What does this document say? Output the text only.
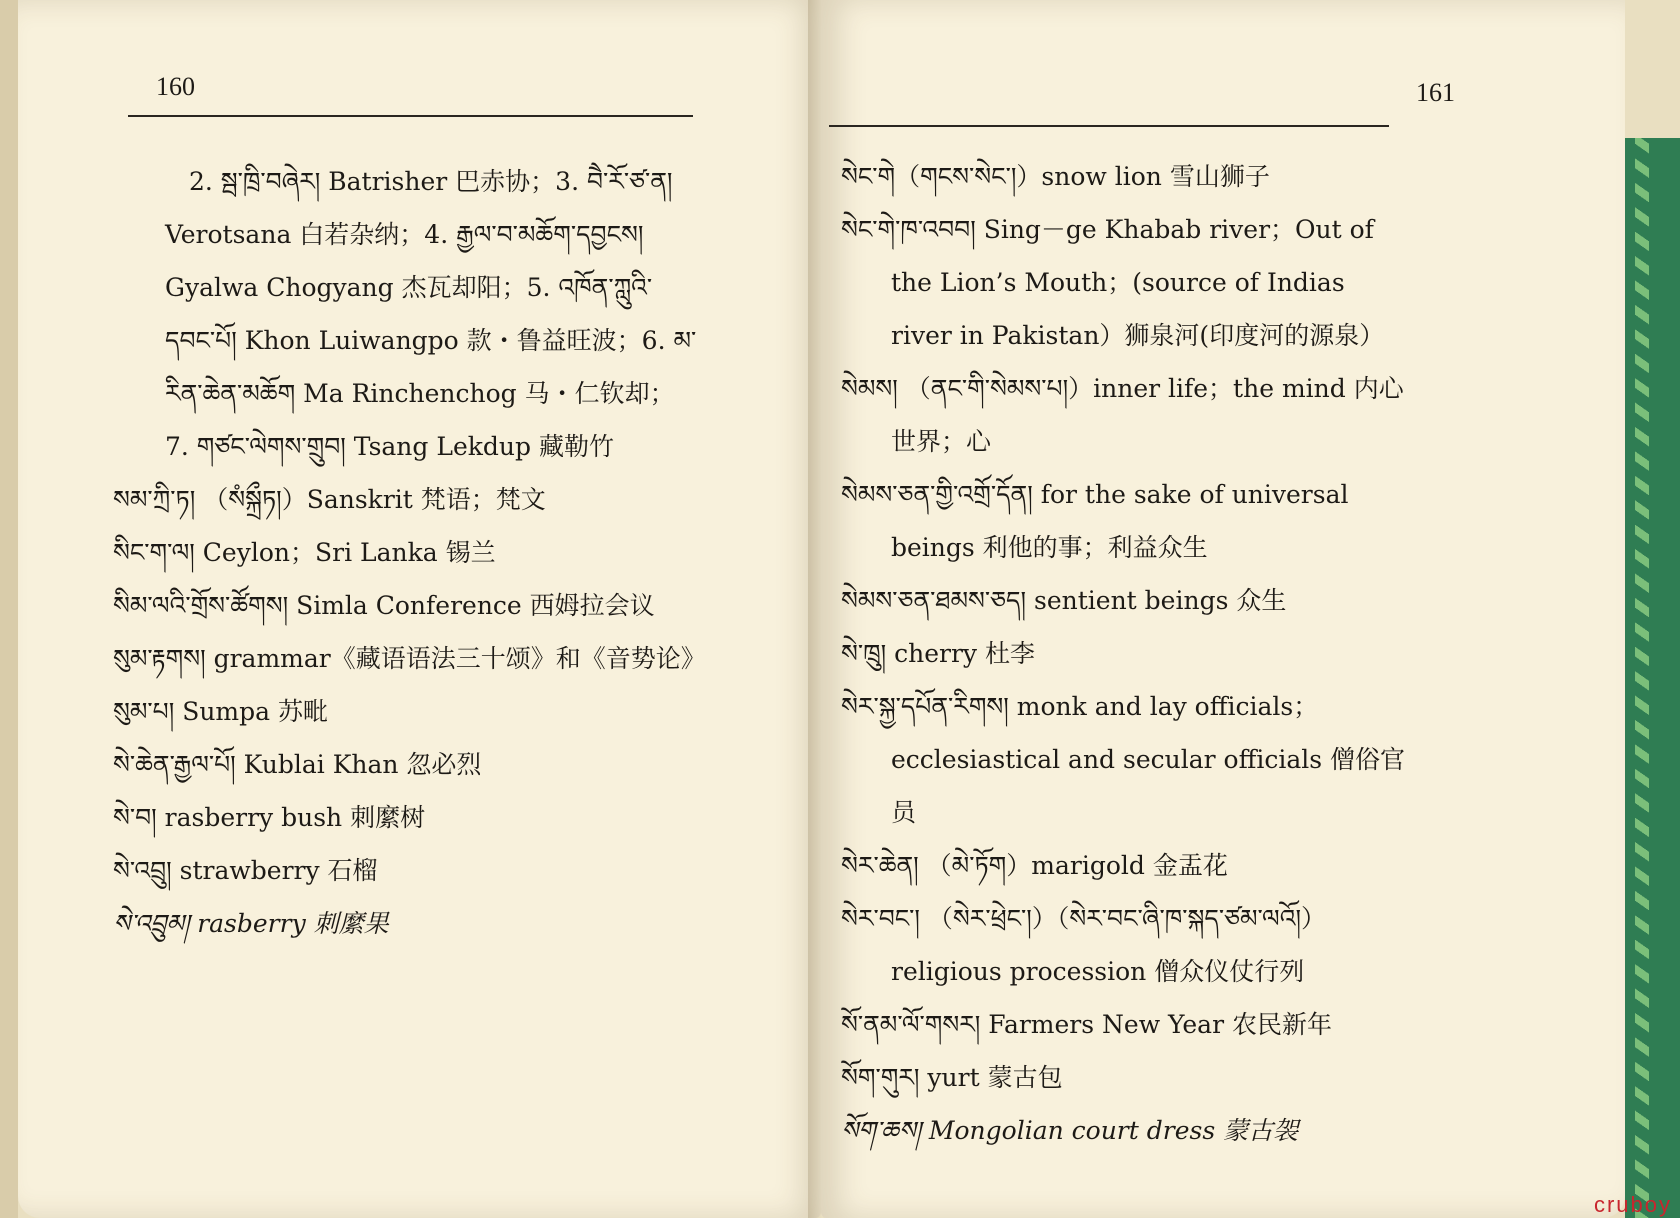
160

2. སྦ་ཁྲི་བཞེར། Batrisher 巴赤协；3. བཻ་རོ་ཙ་ན། Verotsana 白若杂纳；4. རྒྱལ་བ་མཆོག་དབྱངས། Gyalwa Chogyang 杰瓦却阳；5. འཁོན་ཀླུའི་དབང་པོ། Khon Luiwangpo 款・鲁益旺波；6. མ་རིན་ཆེན་མཆོག Ma Rinchenchog 马・仁钦却；7. གཙང་ལེགས་གྲུབ། Tsang Lekdup 藏勒竹

སམ་ཀྲི་ཏ། （སཾསྐྲྀཏ།）Sanskrit 梵语；梵文

སིང་ག་ལ། Ceylon；Sri Lanka 锡兰

སིམ་ལའི་གྲོས་ཚོགས། Simla Conference 西姆拉会议

སུམ་རྟགས། grammar《藏语语法三十颂》和《音势论》

སུམ་པ། Sumpa 苏毗

སེ་ཆེན་རྒྱལ་པོ། Kublai Khan 忽必烈

སེ་བ། rasberry bush 刺縻树

སེ་འབྲུ། strawberry 石榴

སེ་འབྲུམ། rasberry 刺縻果

161

སེང་གེ（གངས་སེང་།）snow lion 雪山狮子

སེང་གེ་ཁ་འབབ། Sing－ge Khabab river；Out of the Lion’s Mouth；(source of Indias river in Pakistan）狮泉河(印度河的源泉）

སེམས། （ནང་གི་སེམས་པ།）inner life；the mind 内心世界；心

སེམས་ཅན་གྱི་འགྲོ་དོན། for the sake of universal beings 利他的事；利益众生

སེམས་ཅན་ཐམས་ཅད། sentient beings 众生

སེ་ཁྲུ། cherry 杜李

སེར་སྐྱ་དཔོན་རིགས། monk and lay officials；ecclesiastical and secular officials 僧俗官员

སེར་ཆེན། （མེ་ཏོག）marigold 金盂花

སེར་བང་། （སེར་ཕྲེང་།）（སེར་བང་ཞི་ཁ་སྐད་ཙམ་ལའོ།）religious procession 僧众仪仗行列

སོ་ནམ་ལོ་གསར། Farmers New Year 农民新年

སོག་གུར། yurt 蒙古包

སོག་ཆས། Mongolian court dress 蒙古袈

cruboy
